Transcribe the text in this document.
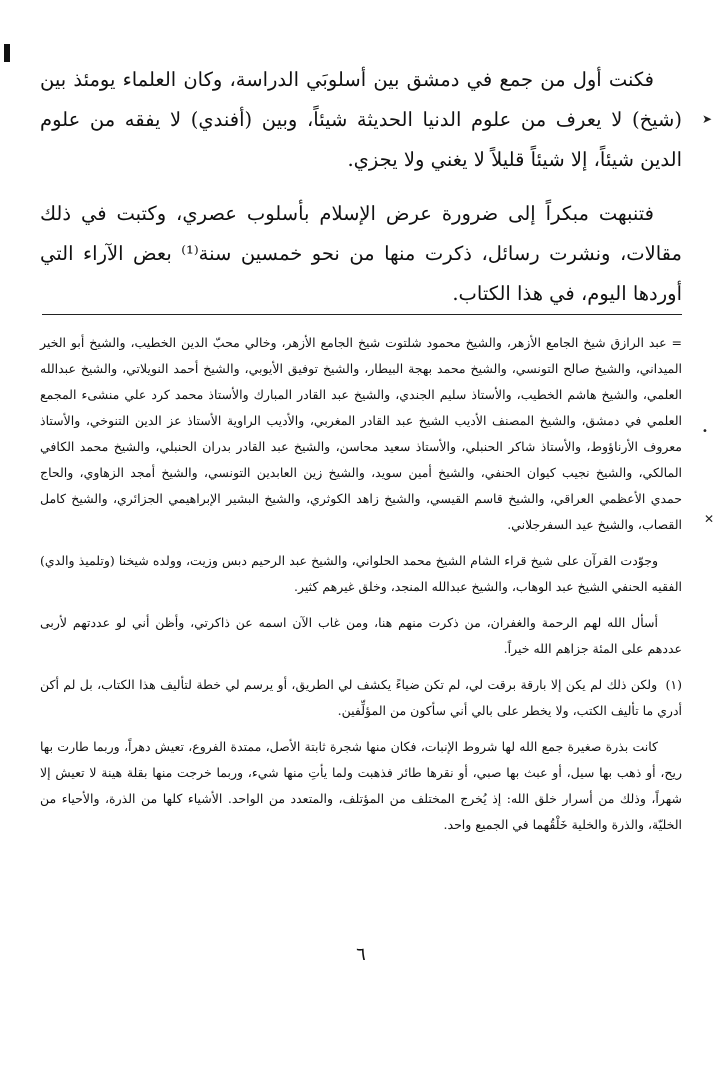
فكنت أول من جمع في دمشق بين أسلوبَي الدراسة، وكان العلماء يومئذ بين (شيخ) لا يعرف من علوم الدنيا الحديثة شيئاً، وبين (أفندي) لا يفقه من علوم الدين شيئاً، إلا شيئاً قليلاً لا يغني ولا يجزي.

فتنبهت مبكراً إلى ضرورة عرض الإسلام بأسلوب عصري، وكتبت في ذلك مقالات، ونشرت رسائل، ذكرت منها من نحو خمسين سنة⁽¹⁾ بعض الآراء التي أوردها اليوم، في هذا الكتاب.

= عبد الرازق شيخ الجامع الأزهر، والشيخ محمود شلتوت شيخ الجامع الأزهر، وخالي محبّ الدين الخطيب، والشيخ أبو الخير الميداني، والشيخ صالح التونسي، والشيخ محمد بهجة البيطار، والشيخ توفيق الأيوبي، والشيخ أحمد النويلاتي، والشيخ عبدالله العلمي، والشيخ هاشم الخطيب، والأستاذ سليم الجندي، والشيخ عبد القادر المبارك والأستاذ محمد كرد علي منشىء المجمع العلمي في دمشق، والشيخ المصنف الأديب الشيخ عبد القادر المغربي، والأديب الراوية الأستاذ عز الدين التنوخي، والأستاذ معروف الأرناؤوط، والأستاذ شاكر الحنبلي، والأستاذ سعيد محاسن، والشيخ عبد القادر بدران الحنبلي، والشيخ محمد الكافي المالكي، والشيخ نجيب كيوان الحنفي، والشيخ أمين سويد، والشيخ زين العابدين التونسي، والشيخ أمجد الزهاوي، والحاج حمدي الأعظمي العراقي، والشيخ قاسم القيسي، والشيخ زاهد الكوثري، والشيخ البشير الإبراهيمي الجزائري، والشيخ كامل القصاب، والشيخ عيد السفرجلاني.

وجوّدت القرآن على شيخ قراء الشام الشيخ محمد الحلواني، والشيخ عبد الرحيم دبس وزيت، وولده شيخنا (وتلميذ والدي) الفقيه الحنفي الشيخ عبد الوهاب، والشيخ عبدالله المنجد، وخلق غيرهم كثير.

أسأل الله لهم الرحمة والغفران، من ذكرت منهم هنا، ومن غاب الآن اسمه عن ذاكرتي، وأظن أني لو عددتهم لأربى عددهم على المئة جزاهم الله خيراً.

(١) ولكن ذلك لم يكن إلا بارقة برقت لي، لم تكن ضياءً يكشف لي الطريق، أو يرسم لي خطة لتأليف هذا الكتاب، بل لم أكن أدري ما تأليف الكتب، ولا يخطر على بالي أني سأكون من المؤلِّفين.

كانت بذرة صغيرة جمع الله لها شروط الإنبات، فكان منها شجرة ثابتة الأصل، ممتدة الفروع، تعيش دهراً، وربما طارت بها ريح، أو ذهب بها سيل، أو عبث بها صبي، أو نقرها طائر فذهبت ولما يأتِ منها شيء، وربما خرجت منها بقلة هينة لا تعيش إلا شهراً، وذلك من أسرار خلق الله: إذ يُخرج المختلف من المؤتلف، والمتعدد من الواحد. الأشياء كلها من الذرة، والأحياء من الخليّة، والذرة والخلية خَلْقُهما في الجميع واحد.

٦
➤
•
✕
